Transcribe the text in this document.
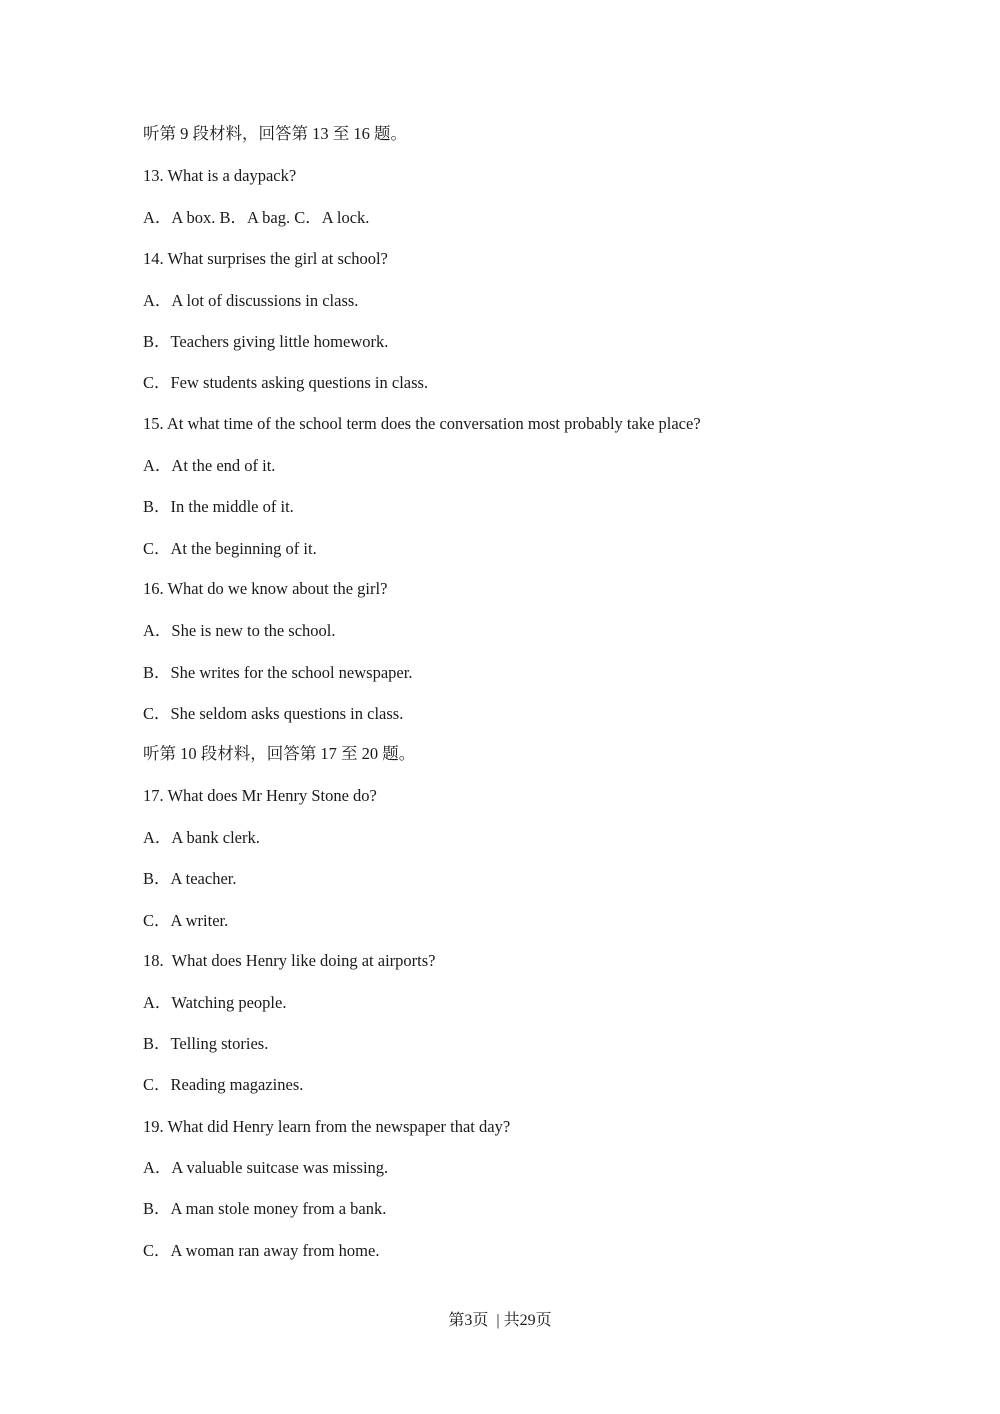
听第 9 段材料，回答第 13 至 16 题。
13. What is a daypack?
A．A box. B．A bag. C．A lock.
14. What surprises the girl at school?
A．A lot of discussions in class.
B．Teachers giving little homework.
C．Few students asking questions in class.
15. At what time of the school term does the conversation most probably take place?
A．At the end of it.
B．In the middle of it.
C．At the beginning of it.
16. What do we know about the girl?
A．She is new to the school.
B．She writes for the school newspaper.
C．She seldom asks questions in class.
听第 10 段材料，回答第 17 至 20 题。
17. What does Mr Henry Stone do?
A．A bank clerk.
B．A teacher.
C．A writer.
18.  What does Henry like doing at airports?
A．Watching people.
B．Telling stories.
C．Reading magazines.
19. What did Henry learn from the newspaper that day?
A．A valuable suitcase was missing.
B．A man stole money from a bank.
C．A woman ran away from home.
第3页  | 共29页
